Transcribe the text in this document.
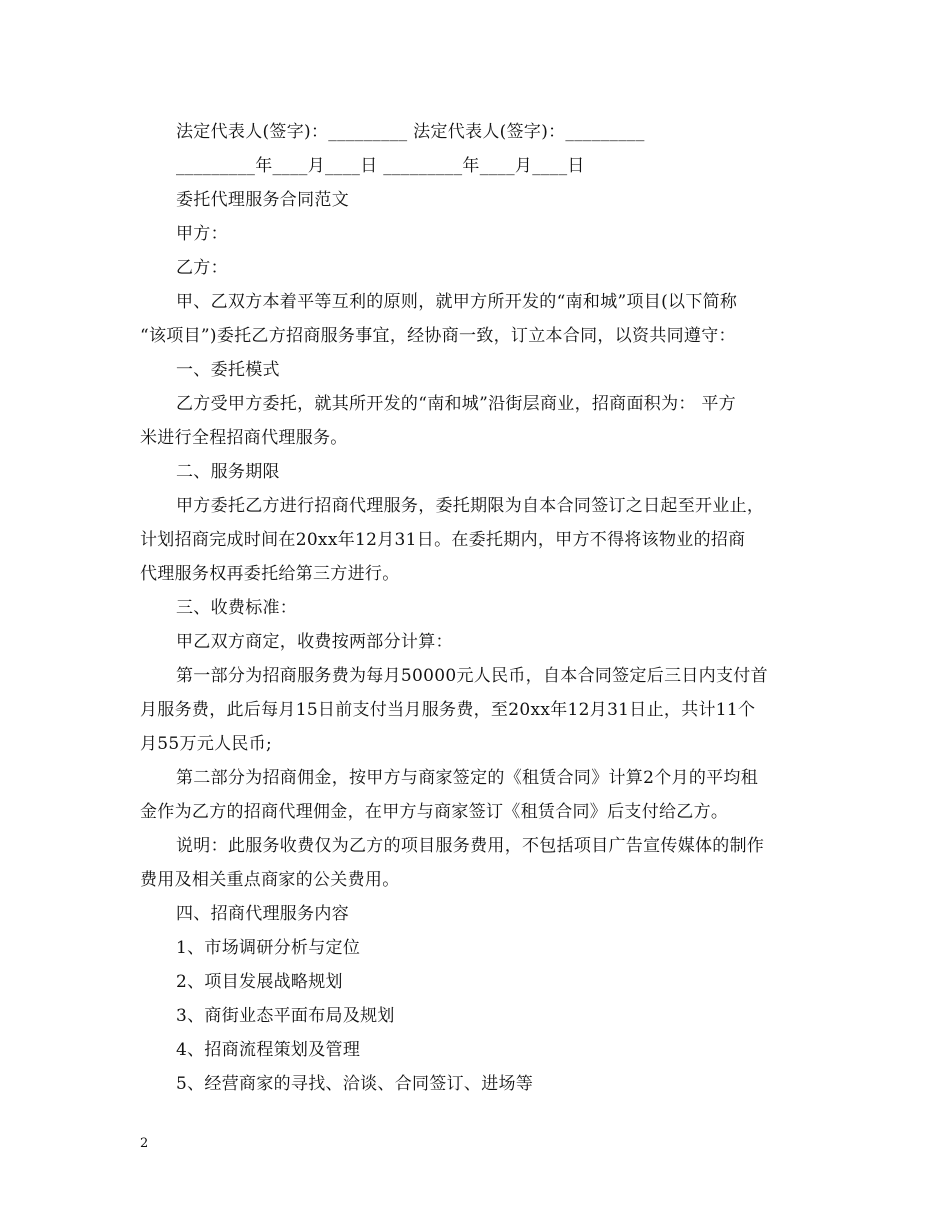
法定代表人(签字)：_________ 法定代表人(签字)：_________
_________年____月____日 _________年____月____日
委托代理服务合同范文
甲方：
乙方：
甲、乙双方本着平等互利的原则，就甲方所开发的“南和城”项目(以下简称
“该项目”)委托乙方招商服务事宜，经协商一致，订立本合同，以资共同遵守：
一、委托模式
乙方受甲方委托，就其所开发的“南和城”沿街层商业，招商面积为： 平方
米进行全程招商代理服务。
二、服务期限
甲方委托乙方进行招商代理服务，委托期限为自本合同签订之日起至开业止，
计划招商完成时间在20xx年12月31日。在委托期内，甲方不得将该物业的招商
代理服务权再委托给第三方进行。
三、收费标准：
甲乙双方商定，收费按两部分计算：
第一部分为招商服务费为每月50000元人民币，自本合同签定后三日内支付首
月服务费，此后每月15日前支付当月服务费，至20xx年12月31日止，共计11个
月55万元人民币;
第二部分为招商佣金，按甲方与商家签定的《租赁合同》计算2个月的平均租
金作为乙方的招商代理佣金，在甲方与商家签订《租赁合同》后支付给乙方。
说明：此服务收费仅为乙方的项目服务费用，不包括项目广告宣传媒体的制作
费用及相关重点商家的公关费用。
四、招商代理服务内容
1、市场调研分析与定位
2、项目发展战略规划
3、商街业态平面布局及规划
4、招商流程策划及管理
5、经营商家的寻找、洽谈、合同签订、进场等
2
